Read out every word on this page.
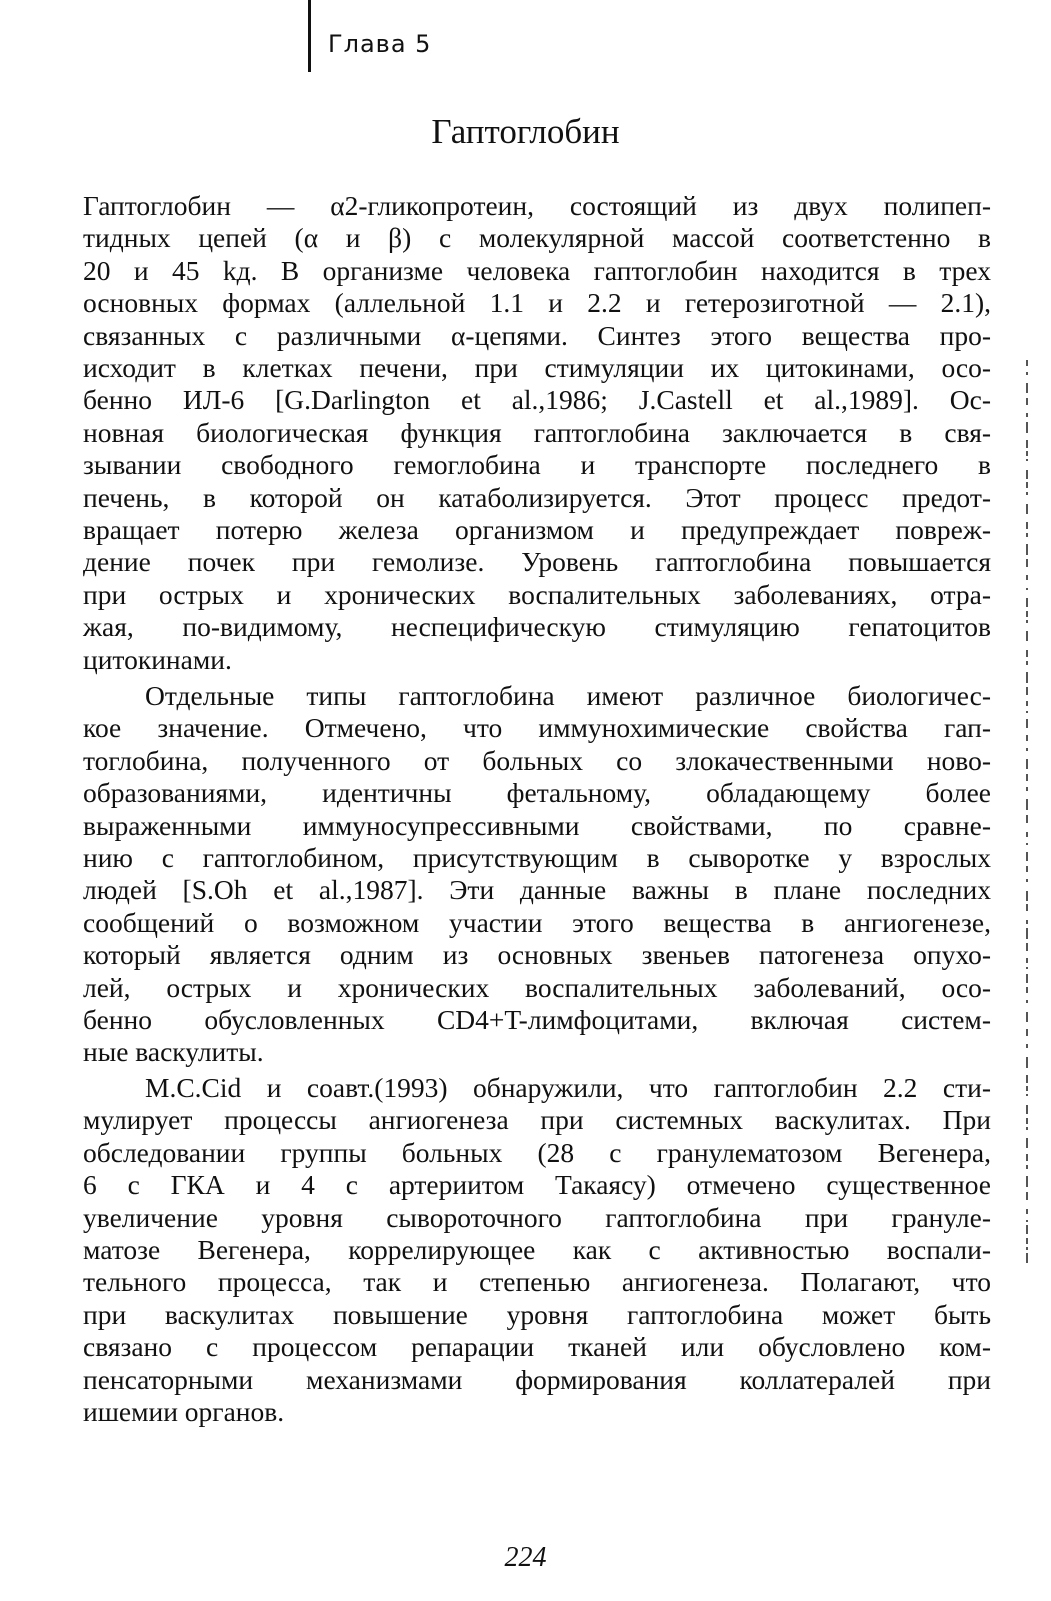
Глава 5
Гаптоглобин
Гаптоглобин — α2-гликопротеин, состоящий из двух полипеп-
тидных цепей (α и β) с молекулярной массой соответстенно в
20 и 45 kд. В организме человека гаптоглобин находится в трех
основных формах (аллельной 1.1 и 2.2 и гетерозиготной — 2.1),
связанных с различными α-цепями. Синтез этого вещества про-
исходит в клетках печени, при стимуляции их цитокинами, осо-
бенно ИЛ-6 [G.Darlington et al.,1986; J.Castell et al.,1989]. Ос-
новная биологическая функция гаптоглобина заключается в свя-
зывании свободного гемоглобина и транспорте последнего в
печень, в которой он катаболизируется. Этот процесс предот-
вращает потерю железа организмом и предупреждает повреж-
дение почек при гемолизе. Уровень гаптоглобина повышается
при острых и хронических воспалительных заболеваниях, отра-
жая, по-видимому, неспецифическую стимуляцию гепатоцитов
цитокинами.
Отдельные типы гаптоглобина имеют различное биологичес-
кое значение. Отмечено, что иммунохимические свойства гап-
тоглобина, полученного от больных со злокачественными ново-
образованиями, идентичны фетальному, обладающему более
выраженными иммуносупрессивными свойствами, по сравне-
нию с гаптоглобином, присутствующим в сыворотке у взрослых
людей [S.Oh et al.,1987]. Эти данные важны в плане последних
сообщений о возможном участии этого вещества в ангиогенезе,
который является одним из основных звеньев патогенеза опухо-
лей, острых и хронических воспалительных заболеваний, осо-
бенно обусловленных CD4+T-лимфоцитами, включая систем-
ные васкулиты.
M.C.Cid и соавт.(1993) обнаружили, что гаптоглобин 2.2 сти-
мулирует процессы ангиогенеза при системных васкулитах. При
обследовании группы больных (28 с гранулематозом Вегенера,
6 с ГКА и 4 с артериитом Такаясу) отмечено существенное
увеличение уровня сывороточного гаптоглобина при грануле-
матозе Вегенера, коррелирующее как с активностью воспали-
тельного процесса, так и степенью ангиогенеза. Полагают, что
при васкулитах повышение уровня гаптоглобина может быть
связано с процессом репарации тканей или обусловлено ком-
пенсаторными механизмами формирования коллатералей при
ишемии органов.
224
